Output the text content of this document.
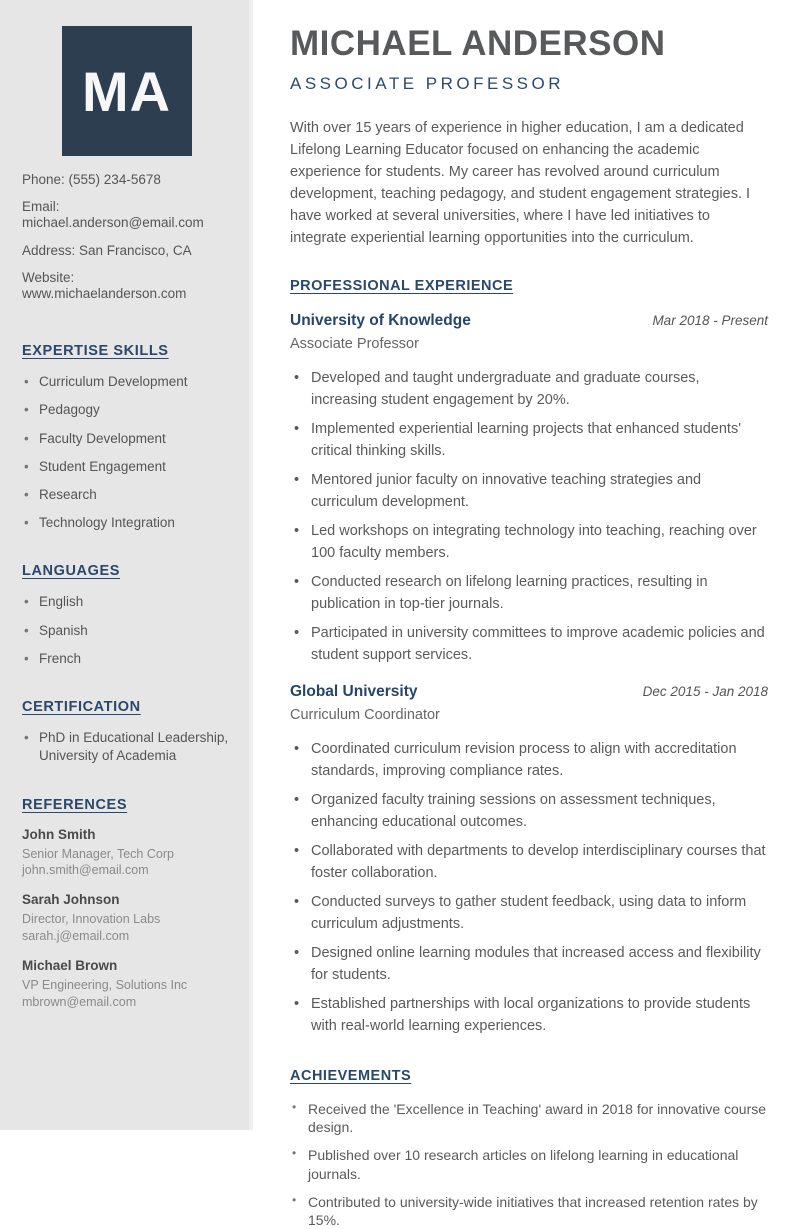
MA
Phone: (555) 234-5678
Email: michael.anderson@email.com
Address: San Francisco, CA
Website: www.michaelanderson.com
EXPERTISE SKILLS
• Curriculum Development
• Pedagogy
• Faculty Development
• Student Engagement
• Research
• Technology Integration
LANGUAGES
• English
• Spanish
• French
CERTIFICATION
• PhD in Educational Leadership, University of Academia
REFERENCES
John Smith
Senior Manager, Tech Corp
john.smith@email.com
Sarah Johnson
Director, Innovation Labs
sarah.j@email.com
Michael Brown
VP Engineering, Solutions Inc
mbrown@email.com
MICHAEL ANDERSON
ASSOCIATE PROFESSOR

With over 15 years of experience in higher education, I am a dedicated Lifelong Learning Educator focused on enhancing the academic experience for students. My career has revolved around curriculum development, teaching pedagogy, and student engagement strategies. I have worked at several universities, where I have led initiatives to integrate experiential learning opportunities into the curriculum.

PROFESSIONAL EXPERIENCE
University of Knowledge	Mar 2018 - Present
Associate Professor
• Developed and taught undergraduate and graduate courses, increasing student engagement by 20%.
• Implemented experiential learning projects that enhanced students' critical thinking skills.
• Mentored junior faculty on innovative teaching strategies and curriculum development.
• Led workshops on integrating technology into teaching, reaching over 100 faculty members.
• Conducted research on lifelong learning practices, resulting in publication in top-tier journals.
• Participated in university committees to improve academic policies and student support services.
Global University	Dec 2015 - Jan 2018
Curriculum Coordinator
• Coordinated curriculum revision process to align with accreditation standards, improving compliance rates.
• Organized faculty training sessions on assessment techniques, enhancing educational outcomes.
• Collaborated with departments to develop interdisciplinary courses that foster collaboration.
• Conducted surveys to gather student feedback, using data to inform curriculum adjustments.
• Designed online learning modules that increased access and flexibility for students.
• Established partnerships with local organizations to provide students with real-world learning experiences.
ACHIEVEMENTS
• Received the 'Excellence in Teaching' award in 2018 for innovative course design.
• Published over 10 research articles on lifelong learning in educational journals.
• Contributed to university-wide initiatives that increased retention rates by 15%.
